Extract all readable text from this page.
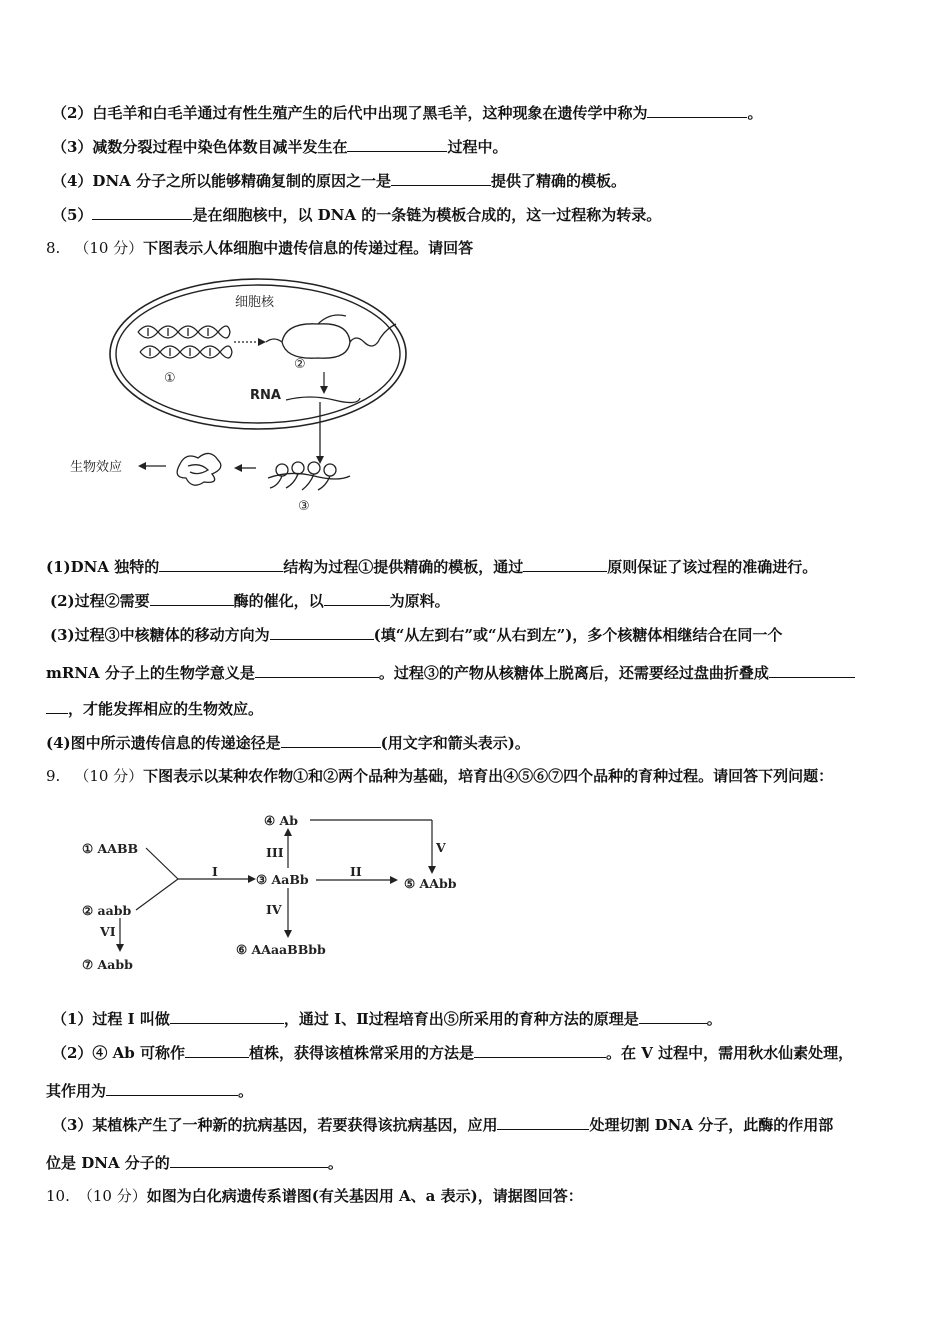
（2）白毛羊和白毛羊通过有性生殖产生的后代中出现了黑毛羊，这种现象在遗传学中称为	。
（3）减数分裂过程中染色体数目减半发生在	过程中。
（4）DNA 分子之所以能够精确复制的原因之一是	提供了精确的模板。
（5）	是在细胞核中，以 DNA 的一条链为模板合成的，这一过程称为转录。
8. （10 分）下图表示人体细胞中遗传信息的传递过程。请回答
细胞核
①
②
RNA
③
生物效应
(1)DNA 独特的	结构为过程①提供精确的模板，通过	原则保证了该过程的准确进行。
(2)过程②需要	酶的催化，以	为原料。
(3)过程③中核糖体的移动方向为	(填“从左到右”或“从右到左”)，多个核糖体相继结合在同一个
mRNA 分子上的生物学意义是	。过程③的产物从核糖体上脱离后，还需要经过盘曲折叠成
，才能发挥相应的生物效应。
(4)图中所示遗传信息的传递途径是	(用文字和箭头表示)。
9. （10 分）下图表示以某种农作物①和②两个品种为基础，培育出④⑤⑥⑦四个品种的育种过程。请回答下列问题：
① AABB
② aabb
③ AaBb
④ Ab
⑤ AAbb
⑥ AAaaBBbb
⑦ Aabb
I	II
III
IV
V
VI
（1）过程 I 叫做	，通过 I、Ⅱ过程培育出⑤所采用的育种方法的原理是	。
（2）④ Ab 可称作	植株，获得该植株常采用的方法是	。在 V 过程中，需用秋水仙素处理，
其作用为	。
（3）某植株产生了一种新的抗病基因，若要获得该抗病基因，应用	处理切割 DNA 分子，此酶的作用部
位是 DNA 分子的	。
10. （10 分）如图为白化病遗传系谱图(有关基因用 A、a 表示)，请据图回答：
